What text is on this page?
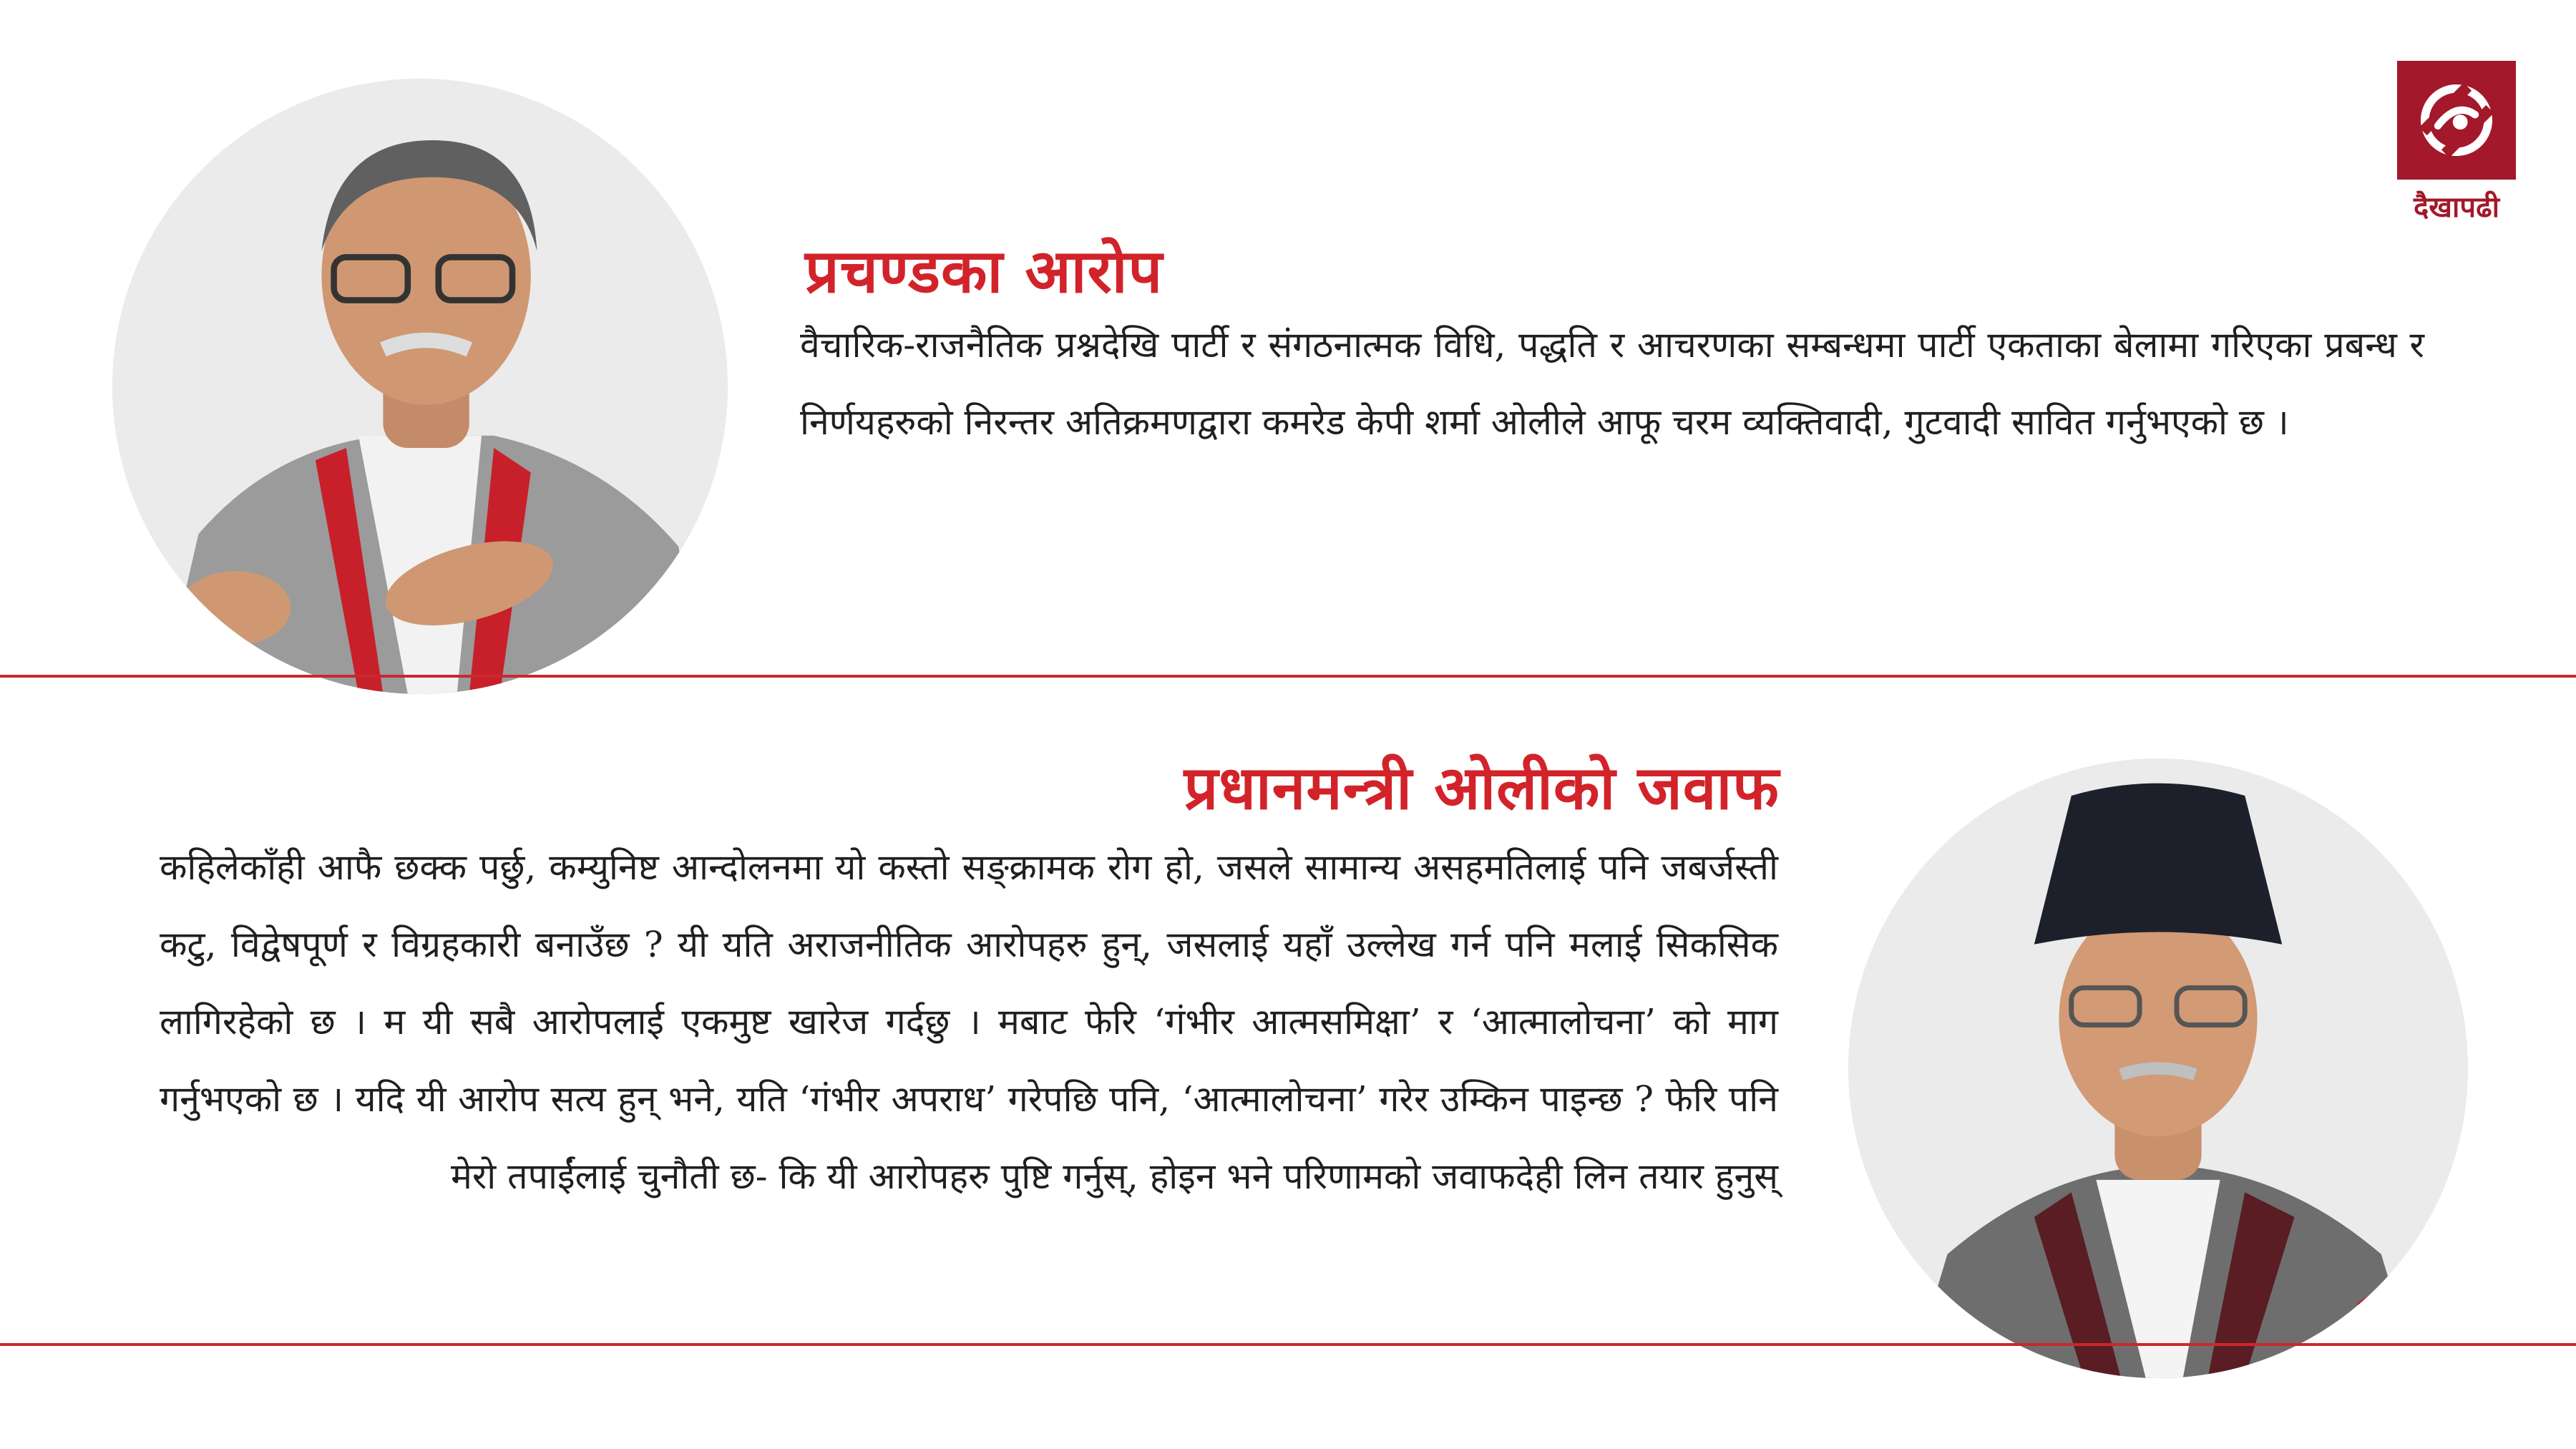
दैखापढी
प्रचण्डका आरोप
वैचारिक-राजनैतिक प्रश्नदेखि पार्टी र संगठनात्मक विधि, पद्धति र आचरणका सम्बन्धमा पार्टी एकताका बेलामा गरिएका प्रबन्ध र निर्णयहरुको निरन्तर अतिक्रमणद्वारा कमरेड केपी शर्मा ओलीले आफू चरम व्यक्तिवादी, गुटवादी सावित गर्नुभएको छ ।
प्रधानमन्त्री ओलीको जवाफ
कहिलेकाँही आफै छक्क पर्छु, कम्युनिष्ट आन्दोलनमा यो कस्तो सङ्क्रामक रोग हो, जसले सामान्य असहमतिलाई पनि जबर्जस्ती कटु, विद्वेषपूर्ण र विग्रहकारी बनाउँछ ? यी यति अराजनीतिक आरोपहरु हुन्, जसलाई यहाँ उल्लेख गर्न पनि मलाई सिकसिक लागिरहेको छ । म यी सबै आरोपलाई एकमुष्ट खारेज गर्दछु । मबाट फेरि ‘गंभीर आत्मसमिक्षा’ र ‘आत्मालोचना’ को माग गर्नुभएको छ । यदि यी आरोप सत्य हुन् भने, यति ‘गंभीर अपराध’ गरेपछि पनि, ‘आत्मालोचना’ गरेर उम्किन पाइन्छ ? फेरि पनि मेरो तपाईंलाई चुनौती छ- कि यी आरोपहरु पुष्टि गर्नुस्, होइन भने परिणामको जवाफदेही लिन तयार हुनुस्
